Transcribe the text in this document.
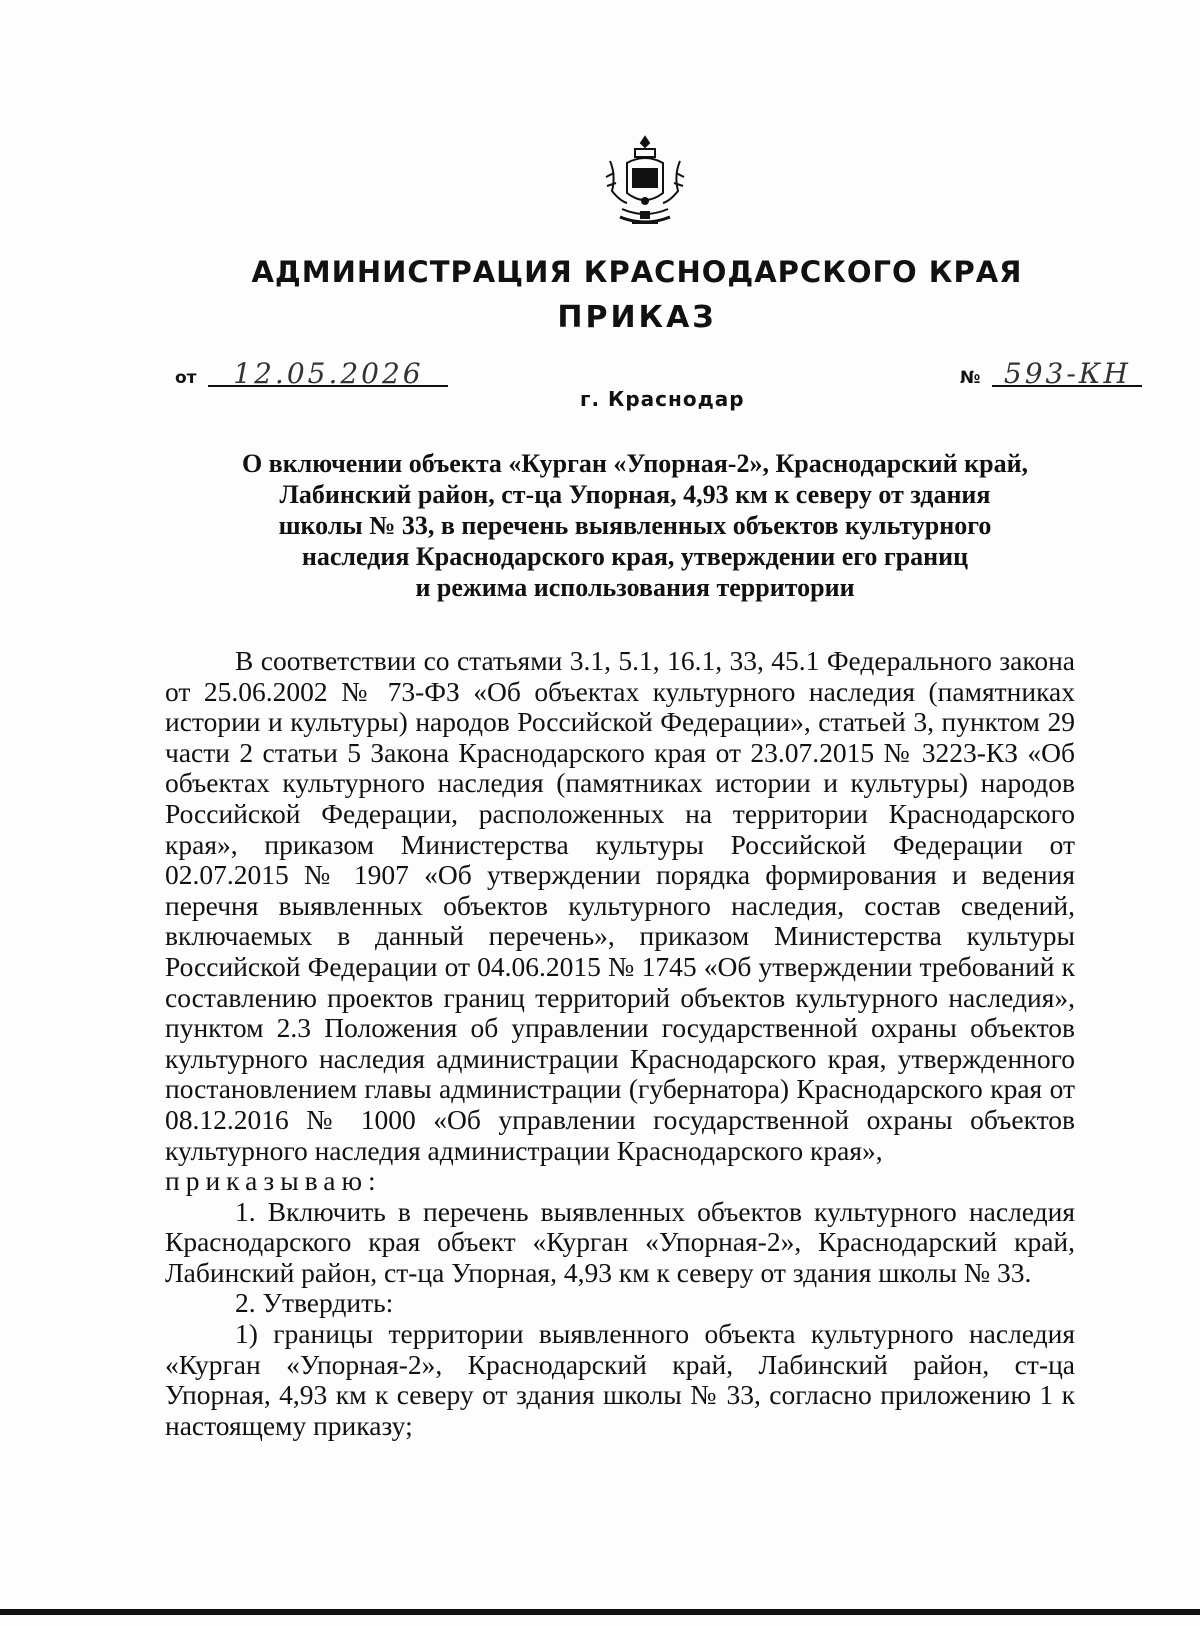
АДМИНИСТРАЦИЯ КРАСНОДАРСКОГО КРАЯ
ПРИКАЗ
от 12.05.2026	№ 593-КН
г. Краснодар
О включении объекта «Курган «Упорная-2», Краснодарский край,
Лабинский район, ст-ца Упорная, 4,93 км к северу от здания
школы № 33, в перечень выявленных объектов культурного
наследия Краснодарского края, утверждении его границ
и режима использования территории

В соответствии со статьями 3.1, 5.1, 16.1, 33, 45.1 Федерального закона от 25.06.2002 № 73-ФЗ «Об объектах культурного наследия (памятниках истории и культуры) народов Российской Федерации», статьей 3, пунктом 29 части 2 статьи 5 Закона Краснодарского края от 23.07.2015 № 3223-КЗ «Об объектах культурного наследия (памятниках истории и культуры) народов Российской Федерации, расположенных на территории Краснодарского края», приказом Министерства культуры Российской Федерации от 02.07.2015 № 1907 «Об утверждении порядка формирования и ведения перечня выявленных объектов культурного наследия, состав сведений, включаемых в данный перечень», приказом Министерства культуры Российской Федерации от 04.06.2015 № 1745 «Об утверждении требований к составлению проектов границ территорий объектов культурного наследия», пунктом 2.3 Положения об управлении государственной охраны объектов культурного наследия администрации Краснодарского края, утвержденного постановлением главы администрации (губернатора) Краснодарского края от 08.12.2016 № 1000 «Об управлении государственной охраны объектов культурного наследия администрации Краснодарского края»,

приказываю:

1. Включить в перечень выявленных объектов культурного наследия Краснодарского края объект «Курган «Упорная-2», Краснодарский край, Лабинский район, ст-ца Упорная, 4,93 км к северу от здания школы № 33.

2. Утвердить:

1) границы территории выявленного объекта культурного наследия «Курган «Упорная-2», Краснодарский край, Лабинский район, ст-ца Упорная, 4,93 км к северу от здания школы № 33, согласно приложению 1 к настоящему приказу;
